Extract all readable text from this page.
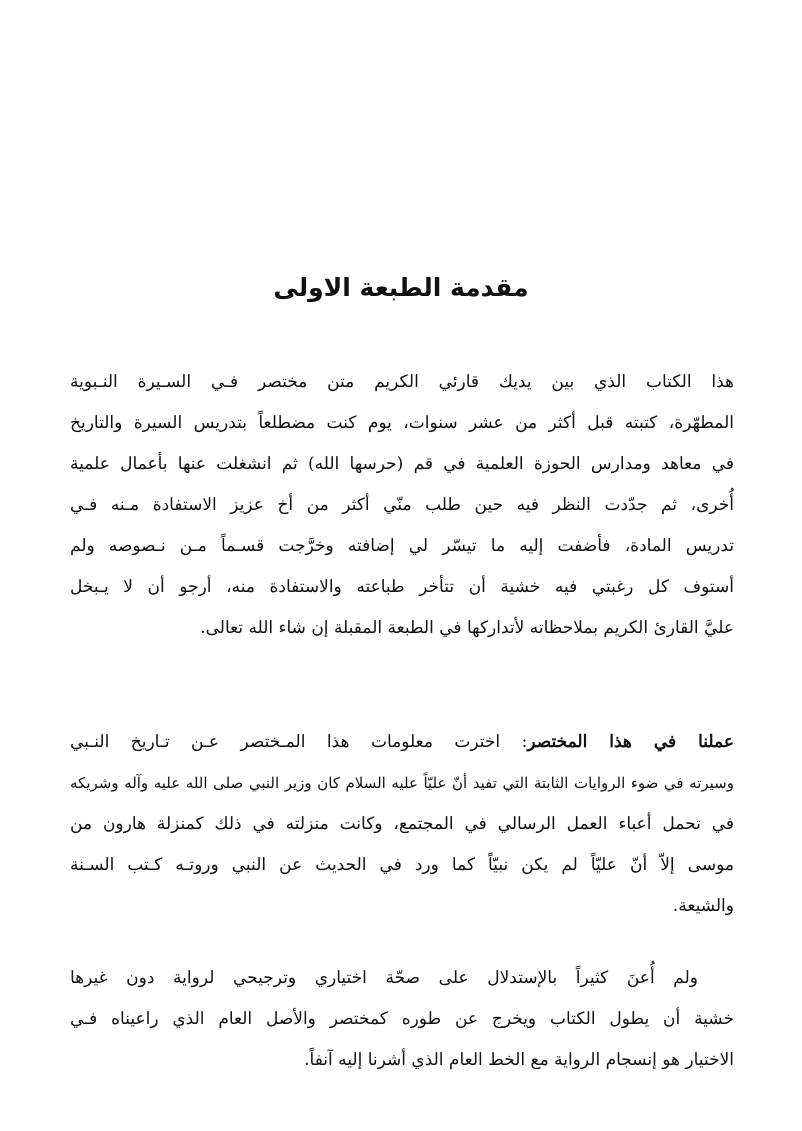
مقدمة الطبعة الاولى
هذا الكتاب الذي بين يديك قارئي الكريم متن مختصر فـي السـيرة النـبوية
المطهّرة، كتبته قبل أكثر من عشر سنوات، يوم كنت مضطلعاً بتدريس السيرة والتاريخ
في معاهد ومدارس الحوزة العلمية في قم (حرسها الله) ثم انشغلت عنها بأعمال علمية
أُخرى، ثم جدّدت النظر فيه حين طلب منّي أكثر من أخ عزيز الاستفادة مـنه فـي
تدريس المادة، فأضفت إليه ما تيسّر لي إضافته وخرَّجت قسـماً مـن نـصوصه ولم
أستوف كل رغبتي فيه خشية أن تتأخر طباعته والاستفادة منه، أرجو أن لا يـبخل
عليَّ القارئ الكريم بملاحظاته لأتداركها في الطبعة المقبلة إن شاء الله تعالى.
عملنا في هذا المختصر: اخترت معلومات هذا المـختصر عـن تـاريخ النـبي
وسيرته في ضوء الروايات الثابتة التي تفيد أنّ عليّاً عليه السلام كان وزير النبي صلى الله عليه وآله وشريكه
في تحمل أعباء العمل الرسالي في المجتمع، وكانت منزلته في ذلك كمنزلة هارون من
موسى إلاّ أنّ عليّاً لم يكن نبيّاً كما ورد في الحديث عن النبي وروتـه كـتب السـنة
والشيعة.
ولم أُعنَ كثيراً بالإستدلال على صحّة اختياري وترجيحي لرواية دون غيرها
خشية أن يطول الكتاب ويخرج عن طوره كمختصر والأصل العام الذي راعيناه فـي
الاختيار هو إنسجام الرواية مع الخط العام الذي أشرنا إليه آنفاً.
